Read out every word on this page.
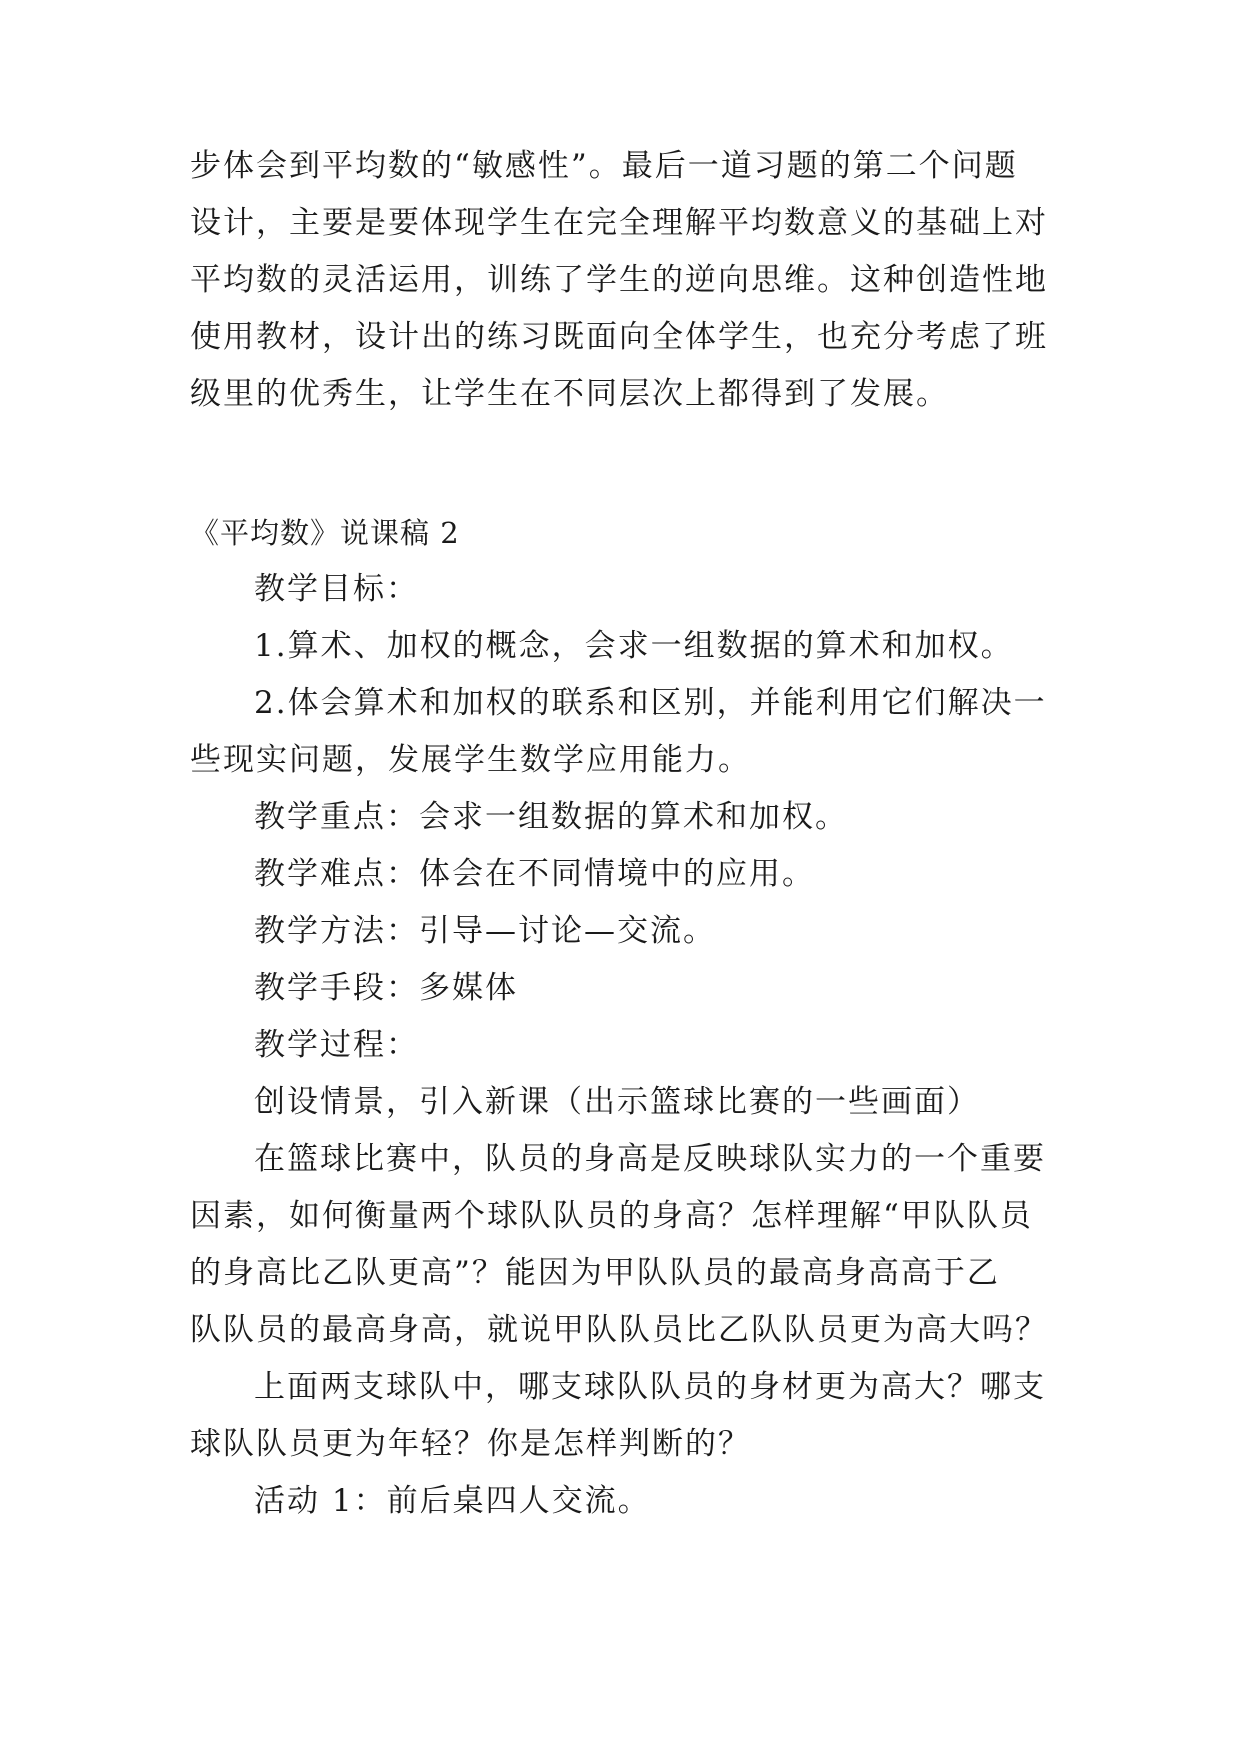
步体会到平均数的“敏感性”。最后一道习题的第二个问题
设计，主要是要体现学生在完全理解平均数意义的基础上对
平均数的灵活运用，训练了学生的逆向思维。这种创造性地
使用教材，设计出的练习既面向全体学生，也充分考虑了班
级里的优秀生，让学生在不同层次上都得到了发展。
《平均数》说课稿 2
教学目标：
1.算术、加权的概念，会求一组数据的算术和加权。
2.体会算术和加权的联系和区别，并能利用它们解决一
些现实问题，发展学生数学应用能力。
教学重点：会求一组数据的算术和加权。
教学难点：体会在不同情境中的应用。
教学方法：引导—讨论—交流。
教学手段：多媒体
教学过程：
创设情景，引入新课（出示篮球比赛的一些画面）
在篮球比赛中，队员的身高是反映球队实力的一个重要
因素，如何衡量两个球队队员的身高？怎样理解“甲队队员
的身高比乙队更高”？能因为甲队队员的最高身高高于乙
队队员的最高身高，就说甲队队员比乙队队员更为高大吗？
上面两支球队中，哪支球队队员的身材更为高大？哪支
球队队员更为年轻？你是怎样判断的？
活动 1：前后桌四人交流。
